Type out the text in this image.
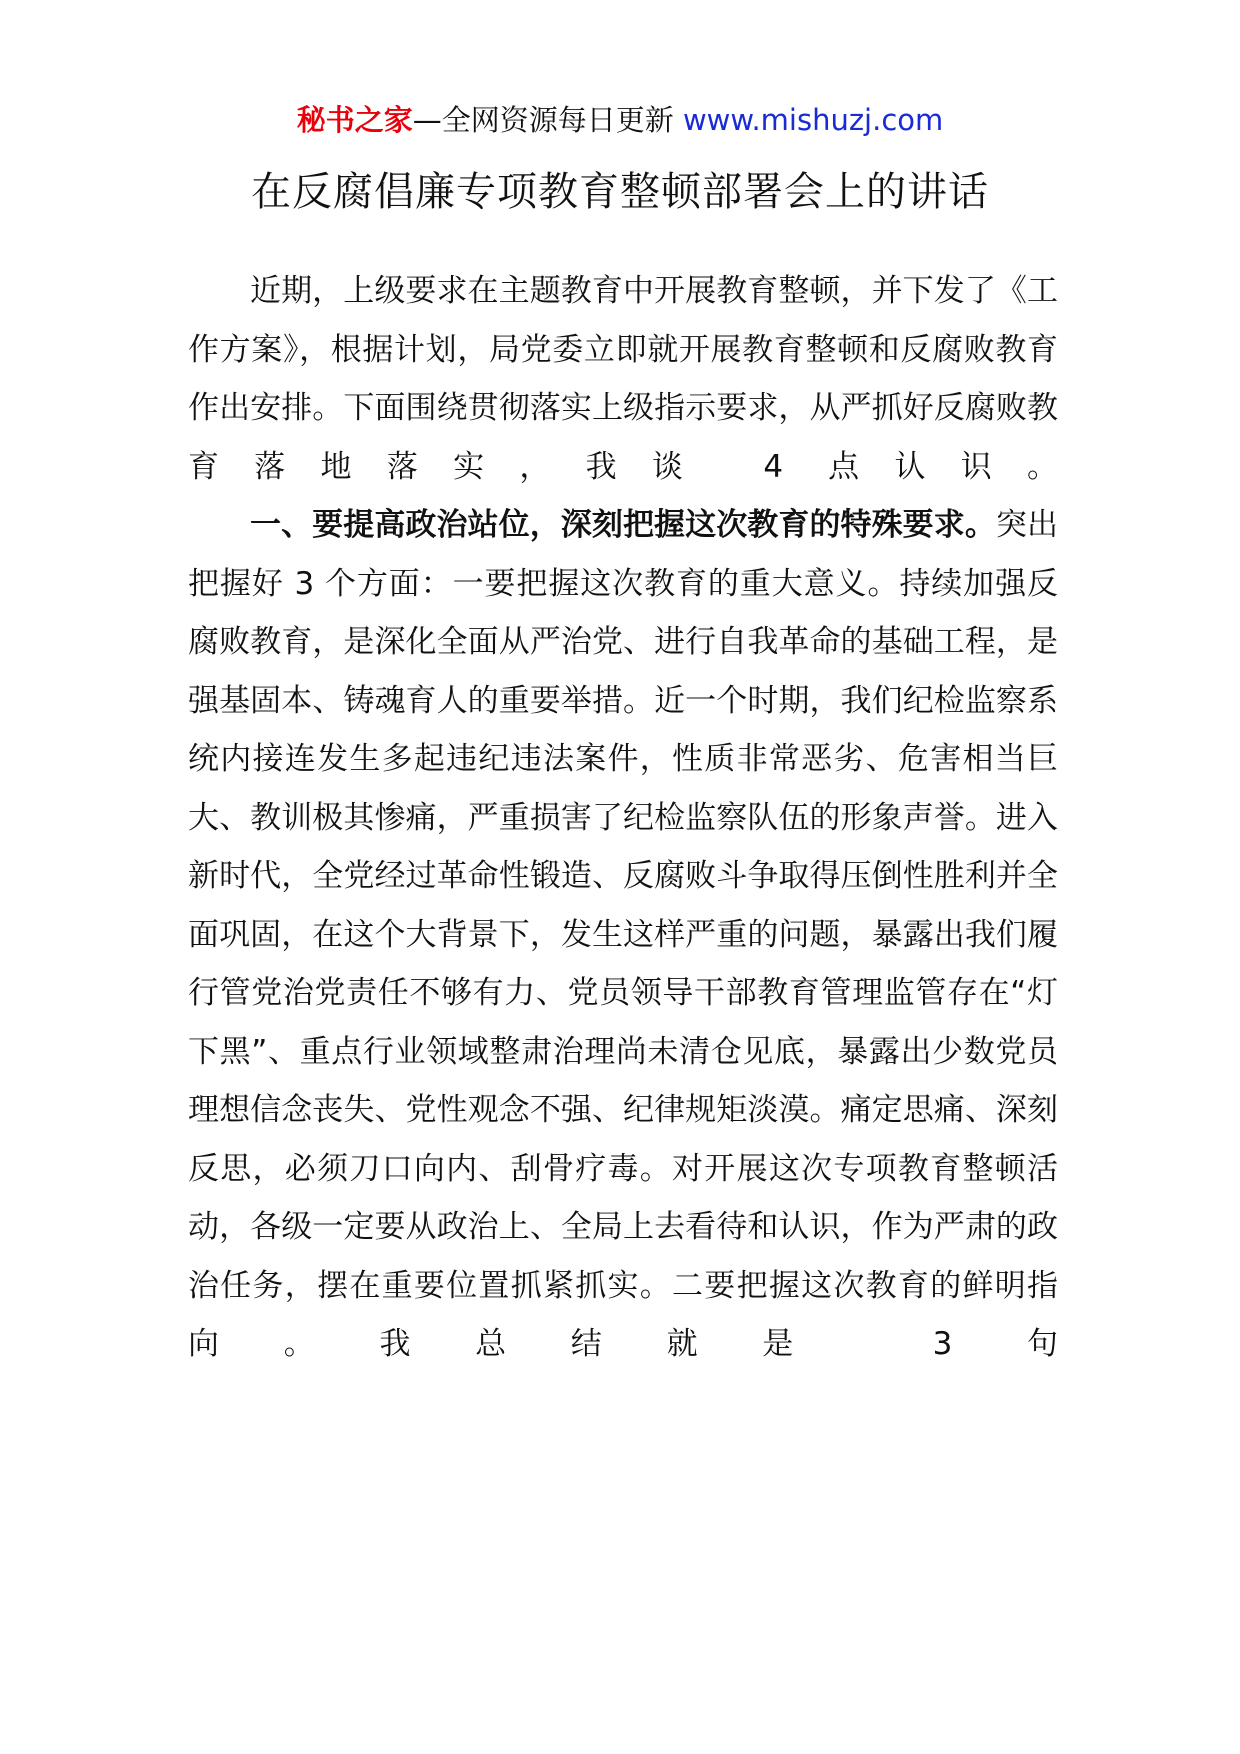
秘书之家—全网资源每日更新 www.mishuzj.com
在反腐倡廉专项教育整顿部署会上的讲话

近期，上级要求在主题教育中开展教育整顿，并下发了《工作方案》，根据计划，局党委立即就开展教育整顿和反腐败教育作出安排。下面围绕贯彻落实上级指示要求，从严抓好反腐败教育落地落实，我谈 4 点认识。

一、要提高政治站位，深刻把握这次教育的特殊要求。突出把握好 3 个方面：一要把握这次教育的重大意义。持续加强反腐败教育，是深化全面从严治党、进行自我革命的基础工程，是强基固本、铸魂育人的重要举措。近一个时期，我们纪检监察系统内接连发生多起违纪违法案件，性质非常恶劣、危害相当巨大、教训极其惨痛，严重损害了纪检监察队伍的形象声誉。进入新时代，全党经过革命性锻造、反腐败斗争取得压倒性胜利并全面巩固，在这个大背景下，发生这样严重的问题，暴露出我们履行管党治党责任不够有力、党员领导干部教育管理监管存在“灯下黑”、重点行业领域整肃治理尚未清仓见底，暴露出少数党员理想信念丧失、党性观念不强、纪律规矩淡漠。痛定思痛、深刻反思，必须刀口向内、刮骨疗毒。对开展这次专项教育整顿活动，各级一定要从政治上、全局上去看待和认识，作为严肃的政治任务，摆在重要位置抓紧抓实。二要把握这次教育的鲜明指向。我总结就是 3 句
